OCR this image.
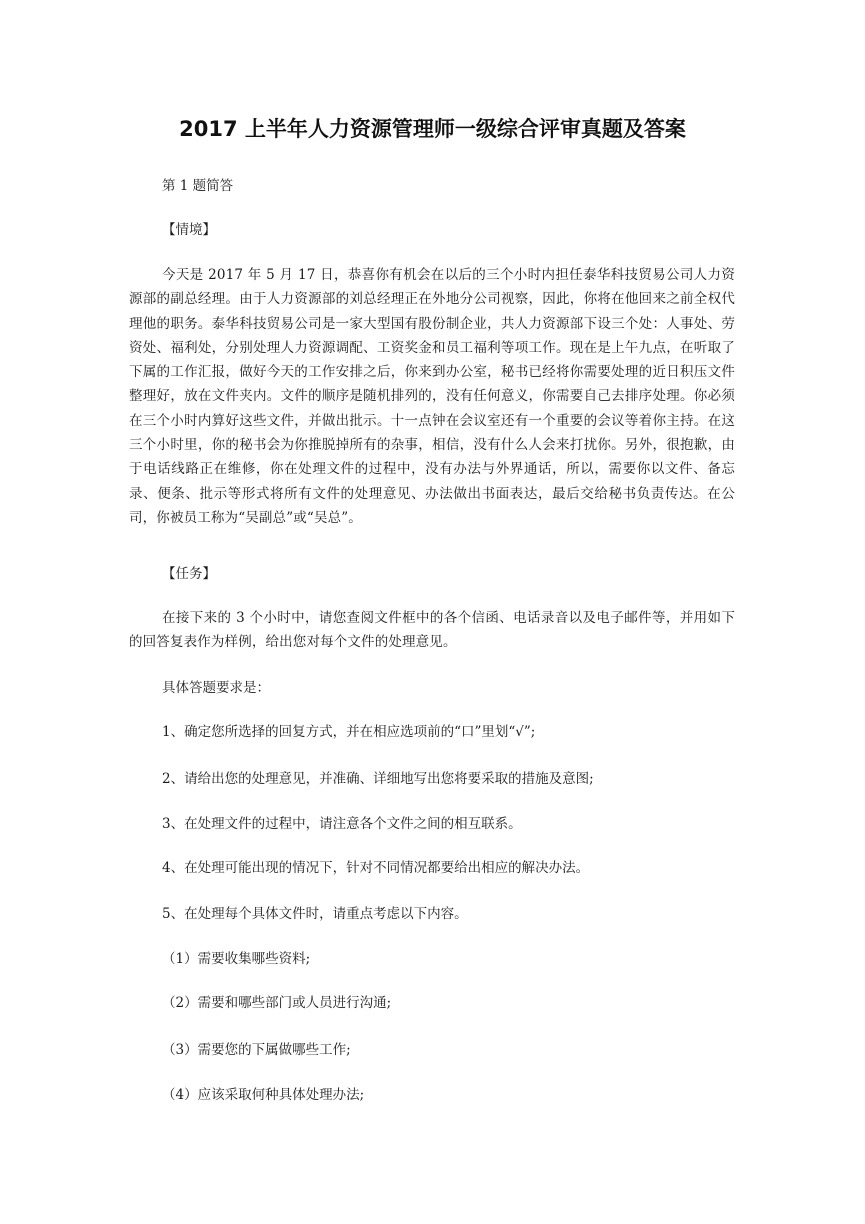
2017 上半年人力资源管理师一级综合评审真题及答案
第 1 题简答
【情境】
今天是 2017 年 5 月 17 日，恭喜你有机会在以后的三个小时内担任泰华科技贸易公司人力资源部的副总经理。由于人力资源部的刘总经理正在外地分公司视察，因此，你将在他回来之前全权代理他的职务。泰华科技贸易公司是一家大型国有股份制企业，共人力资源部下设三个处：人事处、劳资处、福利处，分别处理人力资源调配、工资奖金和员工福利等项工作。现在是上午九点，在听取了下属的工作汇报，做好今天的工作安排之后，你来到办公室，秘书已经将你需要处理的近日积压文件整理好，放在文件夹内。文件的顺序是随机排列的，没有任何意义，你需要自己去排序处理。你必须在三个小时内算好这些文件，并做出批示。十一点钟在会议室还有一个重要的会议等着你主持。在这三个小时里，你的秘书会为你推脱掉所有的杂事，相信，没有什么人会来打扰你。另外，很抱歉，由于电话线路正在维修，你在处理文件的过程中，没有办法与外界通话，所以，需要你以文件、备忘录、便条、批示等形式将所有文件的处理意见、办法做出书面表达，最后交给秘书负责传达。在公司，你被员工称为“吴副总”或“吴总”。
【任务】
在接下来的 3 个小时中，请您查阅文件框中的各个信函、电话录音以及电子邮件等，并用如下的回答复表作为样例，给出您对每个文件的处理意见。
具体答题要求是：
1、确定您所选择的回复方式，并在相应选项前的“口”里划“√”;
2、请给出您的处理意见，并准确、详细地写出您将要采取的措施及意图;
3、在处理文件的过程中，请注意各个文件之间的相互联系。
4、在处理可能出现的情况下，针对不同情况都要给出相应的解决办法。
5、在处理每个具体文件时，请重点考虑以下内容。
（1）需要收集哪些资料;
（2）需要和哪些部门或人员进行沟通;
（3）需要您的下属做哪些工作;
（4）应该采取何种具体处理办法;
